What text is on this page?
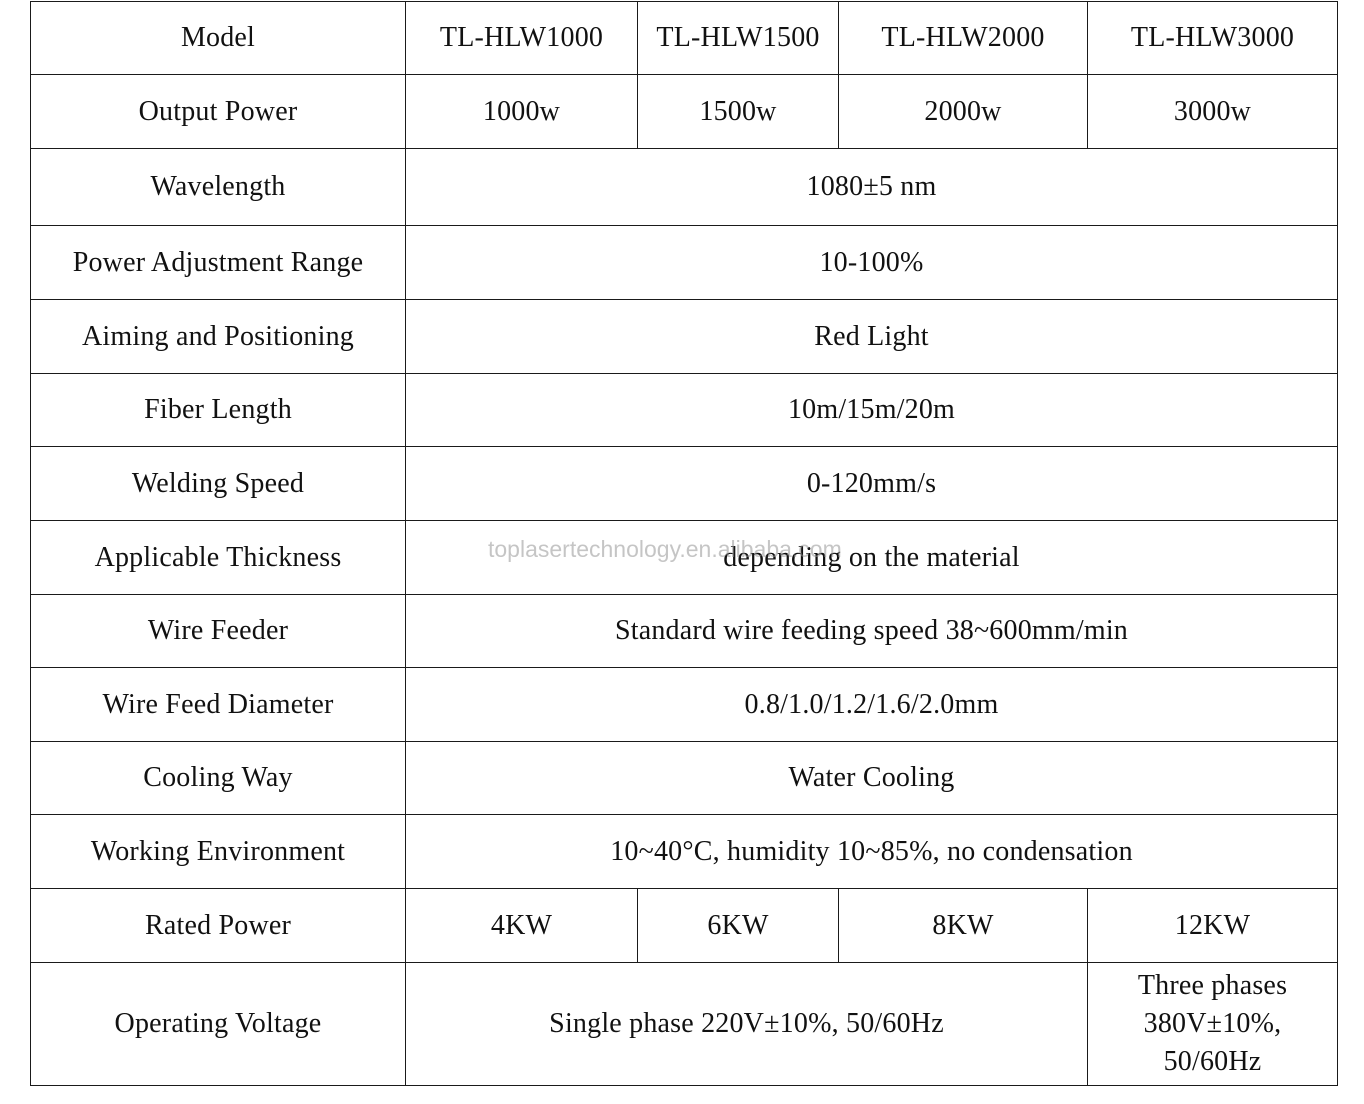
Model	TL-HLW1000	TL-HLW1500	TL-HLW2000	TL-HLW3000
Output Power	1000w	1500w	2000w	3000w
Wavelength	1080±5 nm			
Power Adjustment Range	10-100%			
Aiming and Positioning	Red Light			
Fiber Length	10m/15m/20m			
Welding Speed	0-120mm/s			
Applicable Thickness	depending on the material			
Wire Feeder	Standard wire feeding speed 38~600mm/min			
Wire Feed Diameter	0.8/1.0/1.2/1.6/2.0mm			
Cooling Way	Water Cooling			
Working Environment	10~40°C, humidity 10~85%, no condensation			
Rated Power	4KW	6KW	8KW	12KW
Operating Voltage	Single phase 220V±10%, 50/60Hz			Three phases
380V±10%,
50/60Hz
toplasertechnology.en.alibaba.com
